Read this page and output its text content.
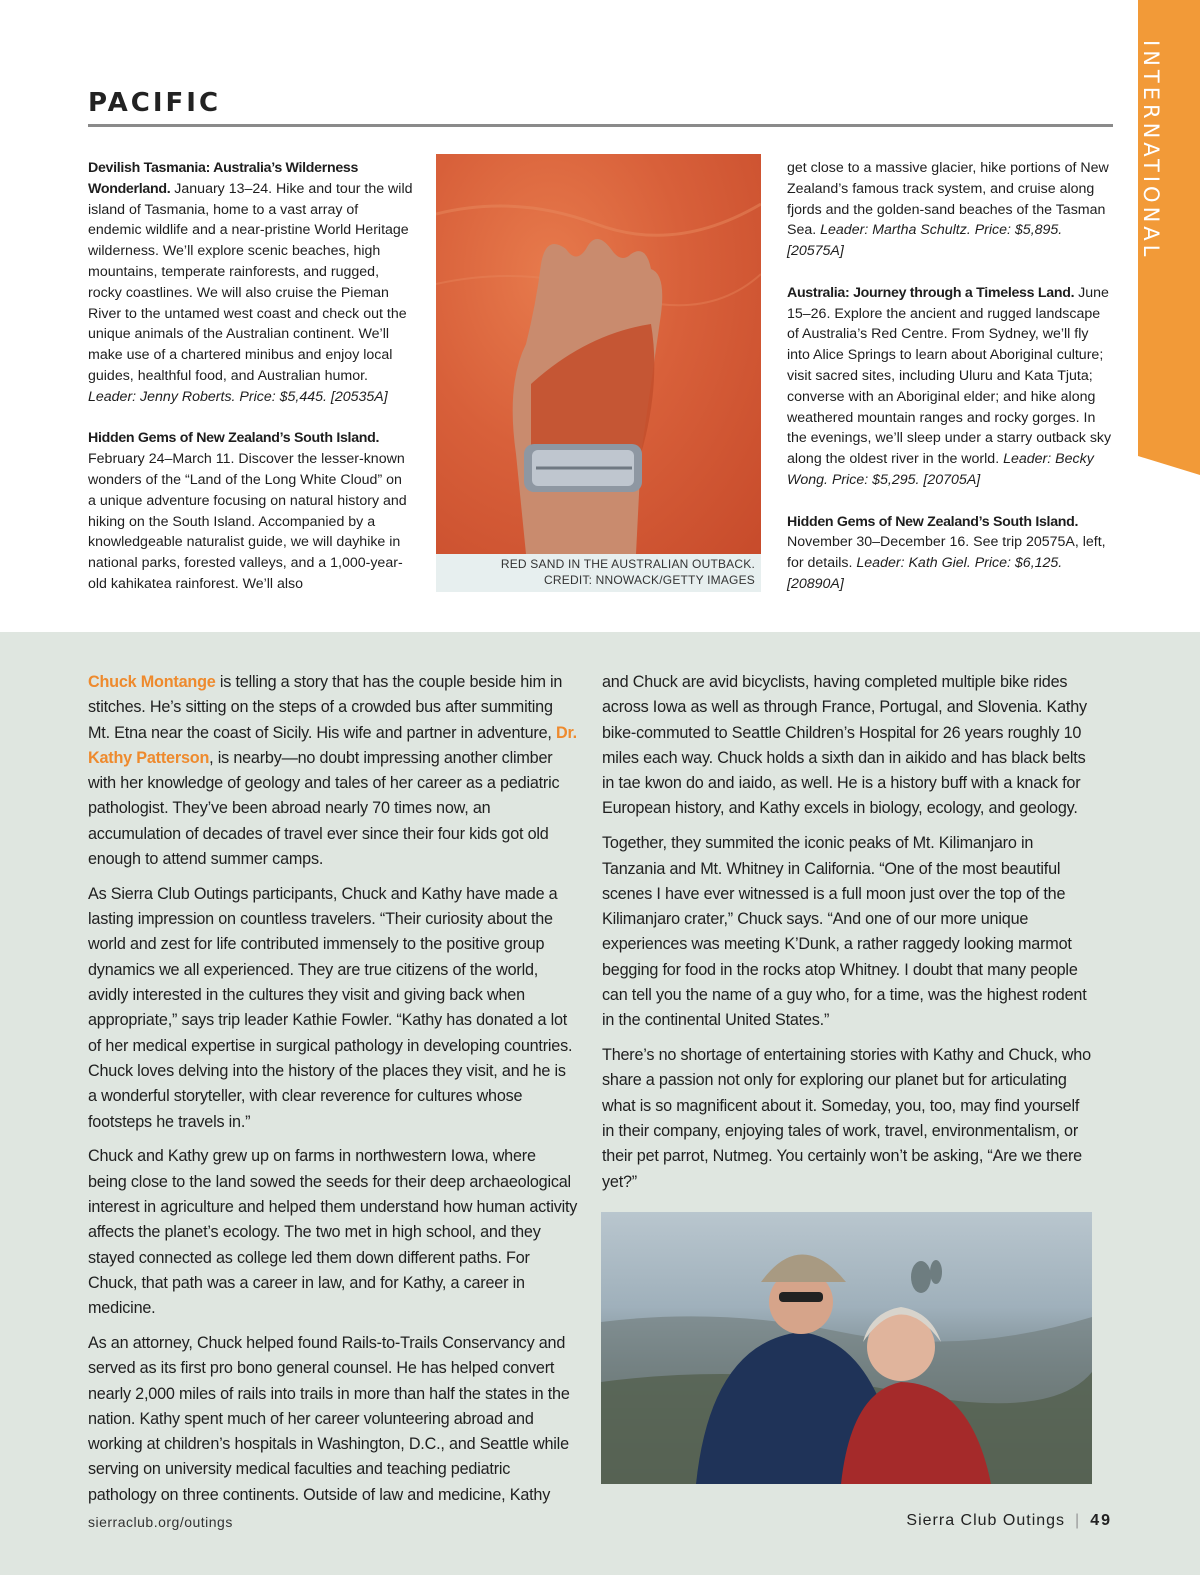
INTERNATIONAL
PACIFIC

Devilish Tasmania: Australia’s Wilderness Wonderland. January 13–24. Hike and tour the wild island of Tasmania, home to a vast array of endemic wildlife and a near-pristine World Heritage wilderness. We’ll explore scenic beaches, high mountains, temperate rainforests, and rugged, rocky coastlines. We will also cruise the Pieman River to the untamed west coast and check out the unique animals of the Australian continent. We’ll make use of a chartered minibus and enjoy local guides, healthful food, and Australian humor. Leader: Jenny Roberts. Price: $5,445. [20535A]

Hidden Gems of New Zealand’s South Island. February 24–March 11. Discover the lesser-known wonders of the “Land of the Long White Cloud” on a unique adventure focusing on natural history and hiking on the South Island. Accompanied by a knowledgeable naturalist guide, we will dayhike in national parks, forested valleys, and a 1,000-year-old kahikatea rainforest. We’ll also

RED SAND IN THE AUSTRALIAN OUTBACK.
CREDIT: NNOWACK/GETTY IMAGES

get close to a massive glacier, hike portions of New Zealand’s famous track system, and cruise along fjords and the golden-sand beaches of the Tasman Sea. Leader: Martha Schultz. Price: $5,895. [20575A]

Australia: Journey through a Timeless Land. June 15–26. Explore the ancient and rugged landscape of Australia’s Red Centre. From Sydney, we’ll fly into Alice Springs to learn about Aboriginal culture; visit sacred sites, including Uluru and Kata Tjuta; converse with an Aboriginal elder; and hike along weathered mountain ranges and rocky gorges. In the evenings, we’ll sleep under a starry outback sky along the oldest river in the world. Leader: Becky Wong. Price: $5,295. [20705A]

Hidden Gems of New Zealand’s South Island. November 30–December 16. See trip 20575A, left, for details. Leader: Kath Giel. Price: $6,125. [20890A]

Chuck Montange is telling a story that has the couple beside him in stitches. He’s sitting on the steps of a crowded bus after summiting Mt. Etna near the coast of Sicily. His wife and partner in adventure, Dr. Kathy Patterson, is nearby—no doubt impressing another climber with her knowledge of geology and tales of her career as a pediatric pathologist. They’ve been abroad nearly 70 times now, an accumulation of decades of travel ever since their four kids got old enough to attend summer camps.

As Sierra Club Outings participants, Chuck and Kathy have made a lasting impression on countless travelers. “Their curiosity about the world and zest for life contributed immensely to the positive group dynamics we all experienced. They are true citizens of the world, avidly interested in the cultures they visit and giving back when appropriate,” says trip leader Kathie Fowler. “Kathy has donated a lot of her medical expertise in surgical pathology in developing countries. Chuck loves delving into the history of the places they visit, and he is a wonderful storyteller, with clear reverence for cultures whose footsteps he travels in.”

Chuck and Kathy grew up on farms in northwestern Iowa, where being close to the land sowed the seeds for their deep archaeological interest in agriculture and helped them understand how human activity affects the planet’s ecology. The two met in high school, and they stayed connected as college led them down different paths. For Chuck, that path was a career in law, and for Kathy, a career in medicine.

As an attorney, Chuck helped found Rails-to-Trails Conservancy and served as its first pro bono general counsel. He has helped convert nearly 2,000 miles of rails into trails in more than half the states in the nation. Kathy spent much of her career volunteering abroad and working at children’s hospitals in Washington, D.C., and Seattle while serving on university medical faculties and teaching pediatric pathology on three continents. Outside of law and medicine, Kathy

and Chuck are avid bicyclists, having completed multiple bike rides across Iowa as well as through France, Portugal, and Slovenia. Kathy bike-commuted to Seattle Children’s Hospital for 26 years roughly 10 miles each way. Chuck holds a sixth dan in aikido and has black belts in tae kwon do and iaido, as well. He is a history buff with a knack for European history, and Kathy excels in biology, ecology, and geology.

Together, they summited the iconic peaks of Mt. Kilimanjaro in Tanzania and Mt. Whitney in California. “One of the most beautiful scenes I have ever witnessed is a full moon just over the top of the Kilimanjaro crater,” Chuck says. “And one of our more unique experiences was meeting K’Dunk, a rather raggedy looking marmot begging for food in the rocks atop Whitney. I doubt that many people can tell you the name of a guy who, for a time, was the highest rodent in the continental United States.”

There’s no shortage of entertaining stories with Kathy and Chuck, who share a passion not only for exploring our planet but for articulating what is so magnificent about it. Someday, you, too, may find yourself in their company, enjoying tales of work, travel, environmentalism, or their pet parrot, Nutmeg. You certainly won’t be asking, “Are we there yet?”

sierraclub.org/outings	Sierra Club Outings | 49
